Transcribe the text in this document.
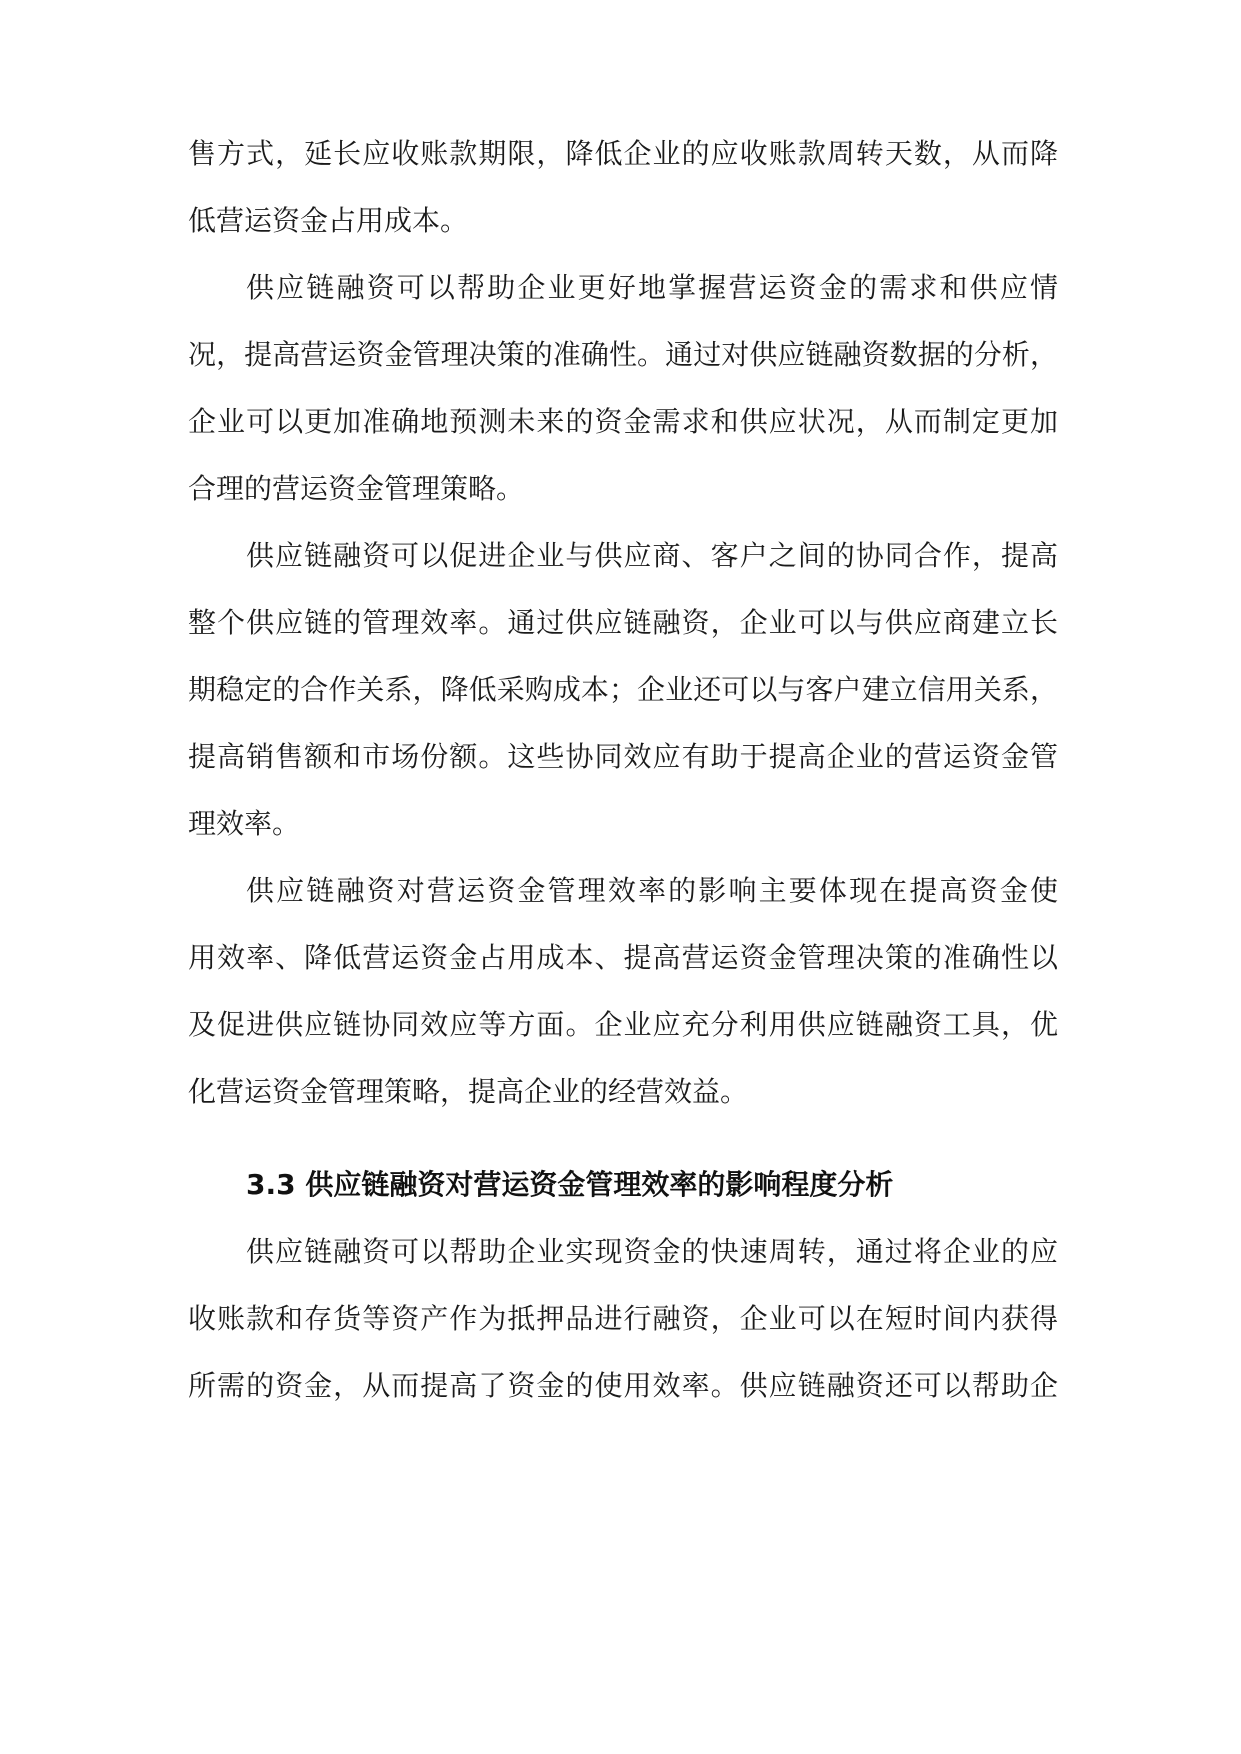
售方式，延长应收账款期限，降低企业的应收账款周转天数，从而降
低营运资金占用成本。
供应链融资可以帮助企业更好地掌握营运资金的需求和供应情
况，提高营运资金管理决策的准确性。通过对供应链融资数据的分析，
企业可以更加准确地预测未来的资金需求和供应状况，从而制定更加
合理的营运资金管理策略。
供应链融资可以促进企业与供应商、客户之间的协同合作，提高
整个供应链的管理效率。通过供应链融资，企业可以与供应商建立长
期稳定的合作关系，降低采购成本；企业还可以与客户建立信用关系，
提高销售额和市场份额。这些协同效应有助于提高企业的营运资金管
理效率。
供应链融资对营运资金管理效率的影响主要体现在提高资金使
用效率、降低营运资金占用成本、提高营运资金管理决策的准确性以
及促进供应链协同效应等方面。企业应充分利用供应链融资工具，优
化营运资金管理策略，提高企业的经营效益。
3.3 供应链融资对营运资金管理效率的影响程度分析
供应链融资可以帮助企业实现资金的快速周转，通过将企业的应
收账款和存货等资产作为抵押品进行融资，企业可以在短时间内获得
所需的资金，从而提高了资金的使用效率。供应链融资还可以帮助企
